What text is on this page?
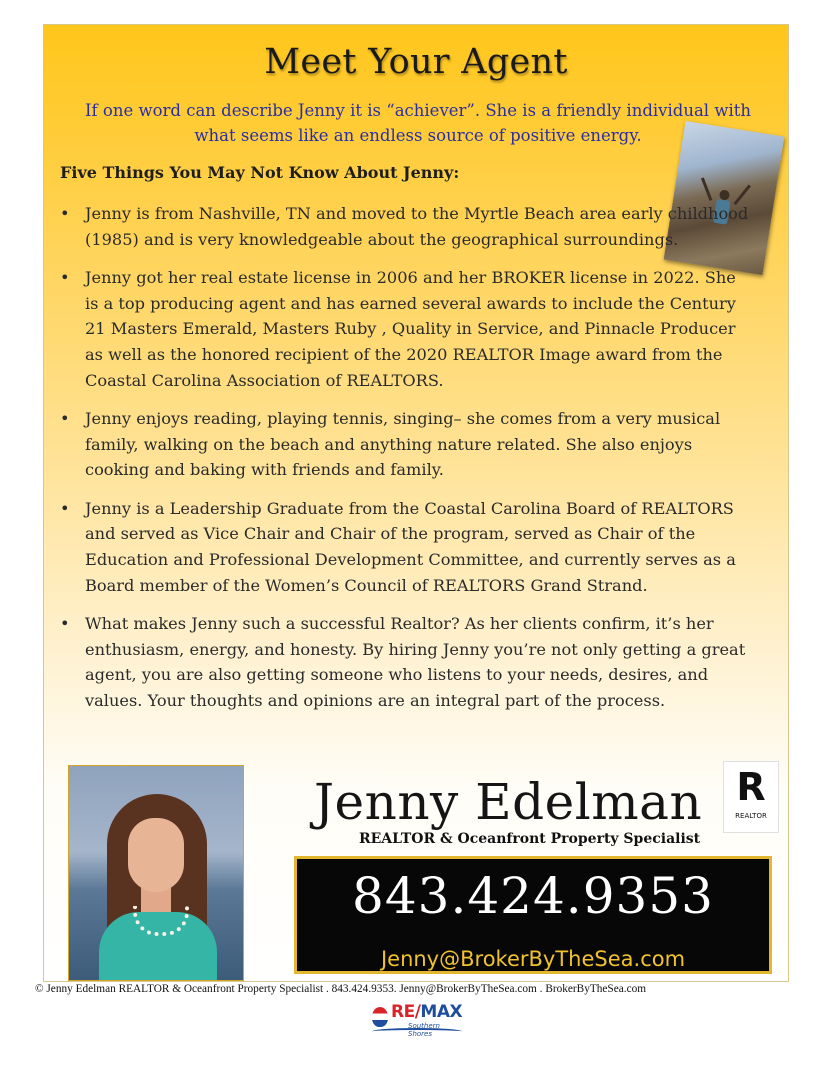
Meet Your Agent
If one word can describe Jenny it is “achiever”. She is a friendly individual with what seems like an endless source of positive energy.
Five Things You May Not Know About Jenny:
• Jenny is from Nashville, TN and moved to the Myrtle Beach area early childhood (1985) and is very knowledgeable about the geographical surroundings.
• Jenny got her real estate license in 2006 and her BROKER license in 2022. She is a top producing agent and has earned several awards to include the Century 21 Masters Emerald, Masters Ruby , Quality in Service, and Pinnacle Producer as well as the honored recipient of the 2020 REALTOR Image award from the Coastal Carolina Association of REALTORS.
• Jenny enjoys reading, playing tennis, singing– she comes from a very musical family, walking on the beach and anything nature related. She also enjoys cooking and baking with friends and family.
• Jenny is a Leadership Graduate from the Coastal Carolina Board of REALTORS and served as Vice Chair and Chair of the program, served as Chair of the Education and Professional Development Committee, and currently serves as a Board member of the Women’s Council of REALTORS Grand Strand.
• What makes Jenny such a successful Realtor? As her clients confirm, it’s her enthusiasm, energy, and honesty. By hiring Jenny you’re not only getting a great agent, you are also getting someone who listens to your needs, desires, and values. Your thoughts and opinions are an integral part of the process.
Jenny Edelman R
REALTOR
REALTOR & Oceanfront Property Specialist
843.424.9353
Jenny@BrokerByTheSea.com
© Jenny Edelman REALTOR & Oceanfront Property Specialist . 843.424.9353. Jenny@BrokerByTheSea.com . BrokerByTheSea.com
RE/MAX
Southern Shores
